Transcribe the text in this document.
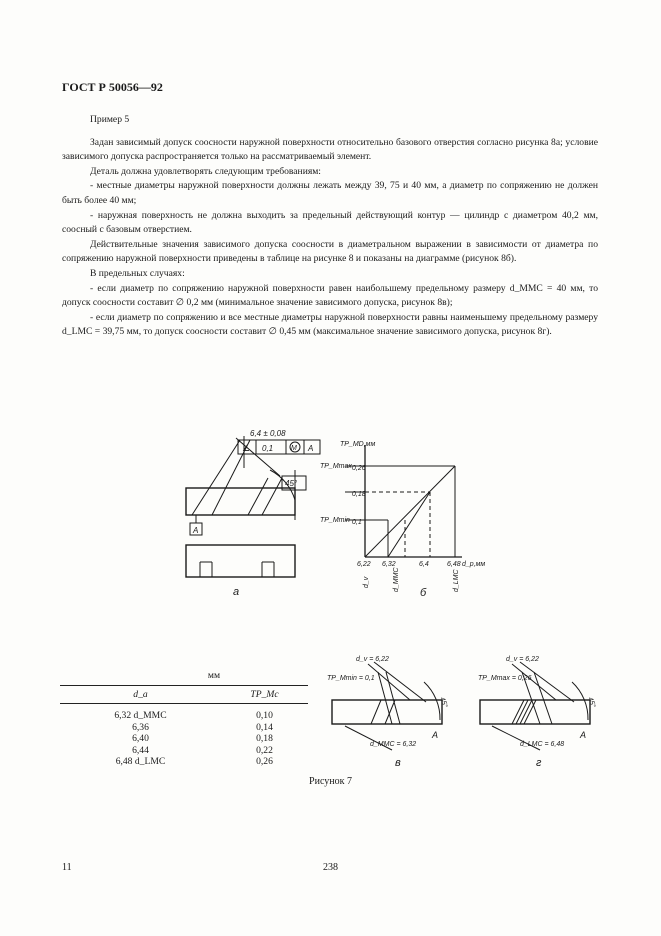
ГОСТ Р 50056—92

Пример 5

Задан зависимый допуск соосности наружной поверхности относительно базового отверстия согласно рисунка 8а; условие зависимого допуска распространяется только на рассматриваемый элемент.

Деталь должна удовлетворять следующим требованиям:

- местные диаметры наружной поверхности должны лежать между 39, 75 и 40 мм, а диаметр по сопряжению не должен быть более 40 мм;

- наружная поверхность не должна выходить за предельный действующий контур — цилиндр с диаметром 40,2 мм, соосный с базовым отверстием.

Действительные значения зависимого допуска соосности в диаметральном выражении в зависимости от диаметра по сопряжению наружной поверхности приведены в таблице на рисунке 8 и показаны на диаграмме (рисунок 8б).

В предельных случаях:

- если диаметр по сопряжению наружной поверхности равен наибольшему предельному размеру d_MMC = 40 мм, то допуск соосности составит ∅ 0,2 мм (минимальное значение зависимого допуска, рисунок 8в);

- если диаметр по сопряжению и все местные диаметры наружной поверхности равны наименьшему предельному размеру d_LMC = 39,75 мм, то допуск соосности составит ∅ 0,45 мм (максимальное значение зависимого допуска, рисунок 8г).

6,4 ± 0,08
∠ 0,1	M A
45°
A
а
TP_MD,мм
d_р,мм
0,26
0,18
0,1
TP_Mmax
TP_Mmin
6,22 6,32	6,4	6,48
d_v	d_MMC	d_LMC
б
d_v = 6,22
TP_Mmin = 0,1
d_MMC = 6,32
45°
A
в
d_v = 6,22
TP_Mmax = 0,26
d_LMC = 6,48
45°
A
г
мм
d_a	TP_Mc
6,32 d_MMC	0,10
6,36	0,14
6,40	0,18
6,44	0,22
6,48 d_LMC	0,26
Рисунок 7
11	238
